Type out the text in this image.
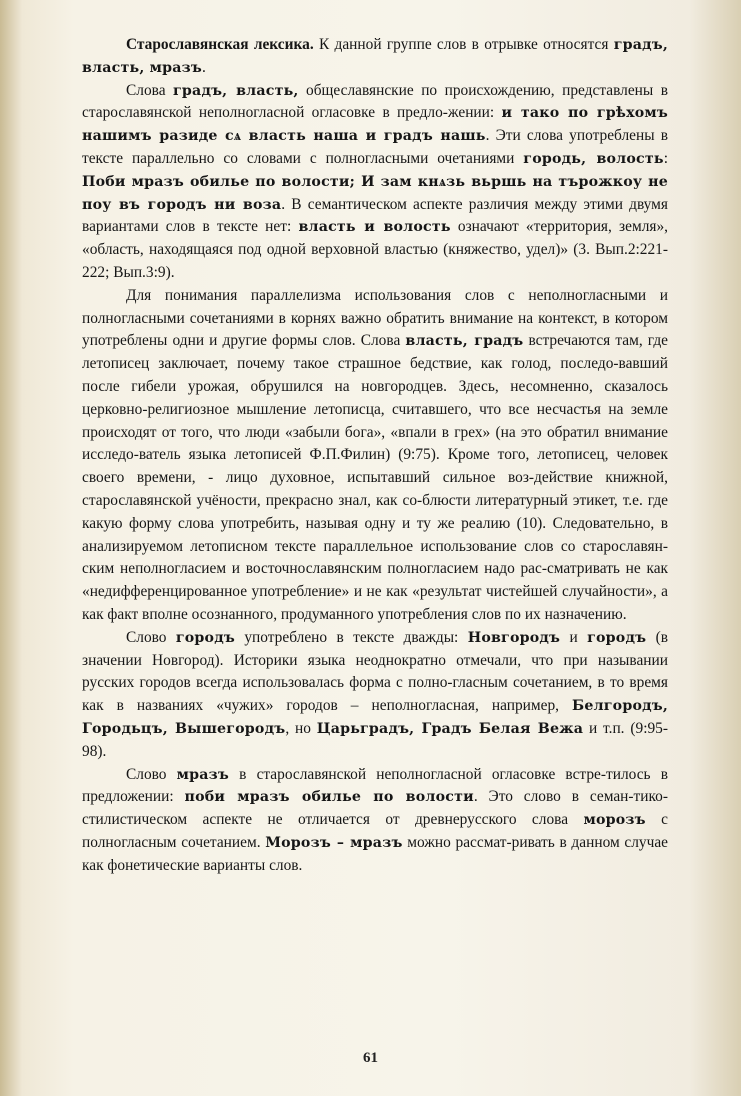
Старославянская лексика. К данной группе слов в отрывке относятся градъ, власть, мразъ.

Слова градъ, власть, общеславянские по происхождению, представлены в старославянской неполногласной огласовке в предло-жении: и тако по грѣхомъ нашимъ разиде сѧ власть наша и градъ нашь. Эти слова употреблены в тексте параллельно со словами с полногласными очетаниями городь, волость: Поби мразъ обилье по волости; И зам кнѧзь вьршь на търожкоу не поу въ городъ ни воза. В семантическом аспекте различия между этими двумя вариантами слов в тексте нет: власть и волость означают «территория, земля», «область, находящаяся под одной верховной властью (княжество, удел)» (3. Вып.2:221-222; Вып.3:9).

Для понимания параллелизма использования слов с неполногласными и полногласными сочетаниями в корнях важно обратить внимание на контекст, в котором употреблены одни и другие формы слов. Слова власть, градъ встречаются там, где летописец заключает, почему такое страшное бедствие, как голод, последо-вавший после гибели урожая, обрушился на новгородцев. Здесь, несомненно, сказалось церковно-религиозное мышление летописца, считавшего, что все несчастья на земле происходят от того, что люди «забыли бога», «впали в грех» (на это обратил внимание исследо-ватель языка летописей Ф.П.Филин) (9:75). Кроме того, летописец, человек своего времени, - лицо духовное, испытавший сильное воз-действие книжной, старославянской учёности, прекрасно знал, как со-блюсти литературный этикет, т.е. где какую форму слова употребить, называя одну и ту же реалию (10). Следовательно, в анализируемом летописном тексте параллельное использование слов со старославян-ским неполногласием и восточнославянским полногласием надо рас-сматривать не как «недифференцированное употребление» и не как «результат чистейшей случайности», а как факт вполне осознанного, продуманного употребления слов по их назначению.

Слово городъ употреблено в тексте дважды: Новгородъ и городъ (в значении Новгород). Историки языка неоднократно отмечали, что при назывании русских городов всегда использовалась форма с полно-гласным сочетанием, в то время как в названиях «чужих» городов – неполногласная, например, Белгородъ, Городьцъ, Вышегородъ, но Царьградъ, Градъ Белая Вежа и т.п. (9:95-98).

Слово мразъ в старославянской неполногласной огласовке встре-тилось в предложении: поби мразъ обилье по волости. Это слово в семан-тико-стилистическом аспекте не отличается от древнерусского слова морозъ с полногласным сочетанием. Морозъ – мразъ можно рассмат-ривать в данном случае как фонетические варианты слов.

61
